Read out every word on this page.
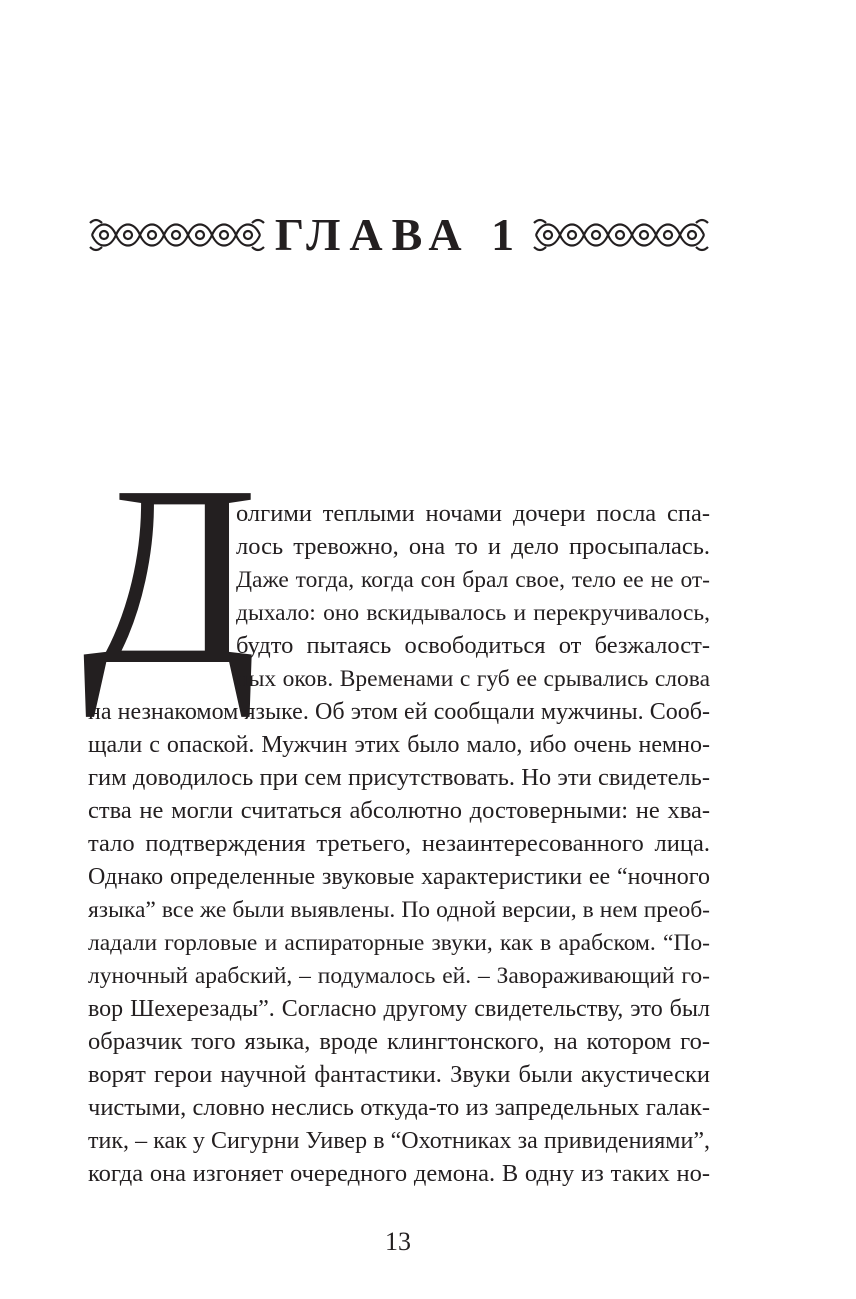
ГЛАВА 1
Д
олгими теплыми ночами дочери посла спа-
лось тревожно, она то и дело просыпалась.
Даже тогда, когда сон брал свое, тело ее не от-
дыхало: оно вскидывалось и перекручивалось,
будто пытаясь освободиться от безжалост-
ных оков. Временами с губ ее срывались слова
на незнакомом языке. Об этом ей сообщали мужчины. Сооб-
щали с опаской. Мужчин этих было мало, ибо очень немно-
гим доводилось при сем присутствовать. Но эти свидетель-
ства не могли считаться абсолютно достоверными: не хва-
тало подтверждения третьего, незаинтересованного лица.
Однако определенные звуковые характеристики ее “ночного
языка” все же были выявлены. По одной версии, в нем преоб-
ладали горловые и аспираторные звуки, как в арабском. “По-
луночный арабский, – подумалось ей. – Завораживающий го-
вор Шехерезады”. Согласно другому свидетельству, это был
образчик того языка, вроде клингтонского, на котором го-
ворят герои научной фантастики. Звуки были акустически
чистыми, словно неслись откуда-то из запредельных галак-
тик, – как у Сигурни Уивер в “Охотниках за привидениями”,
когда она изгоняет очередного демона. В одну из таких но-
13
